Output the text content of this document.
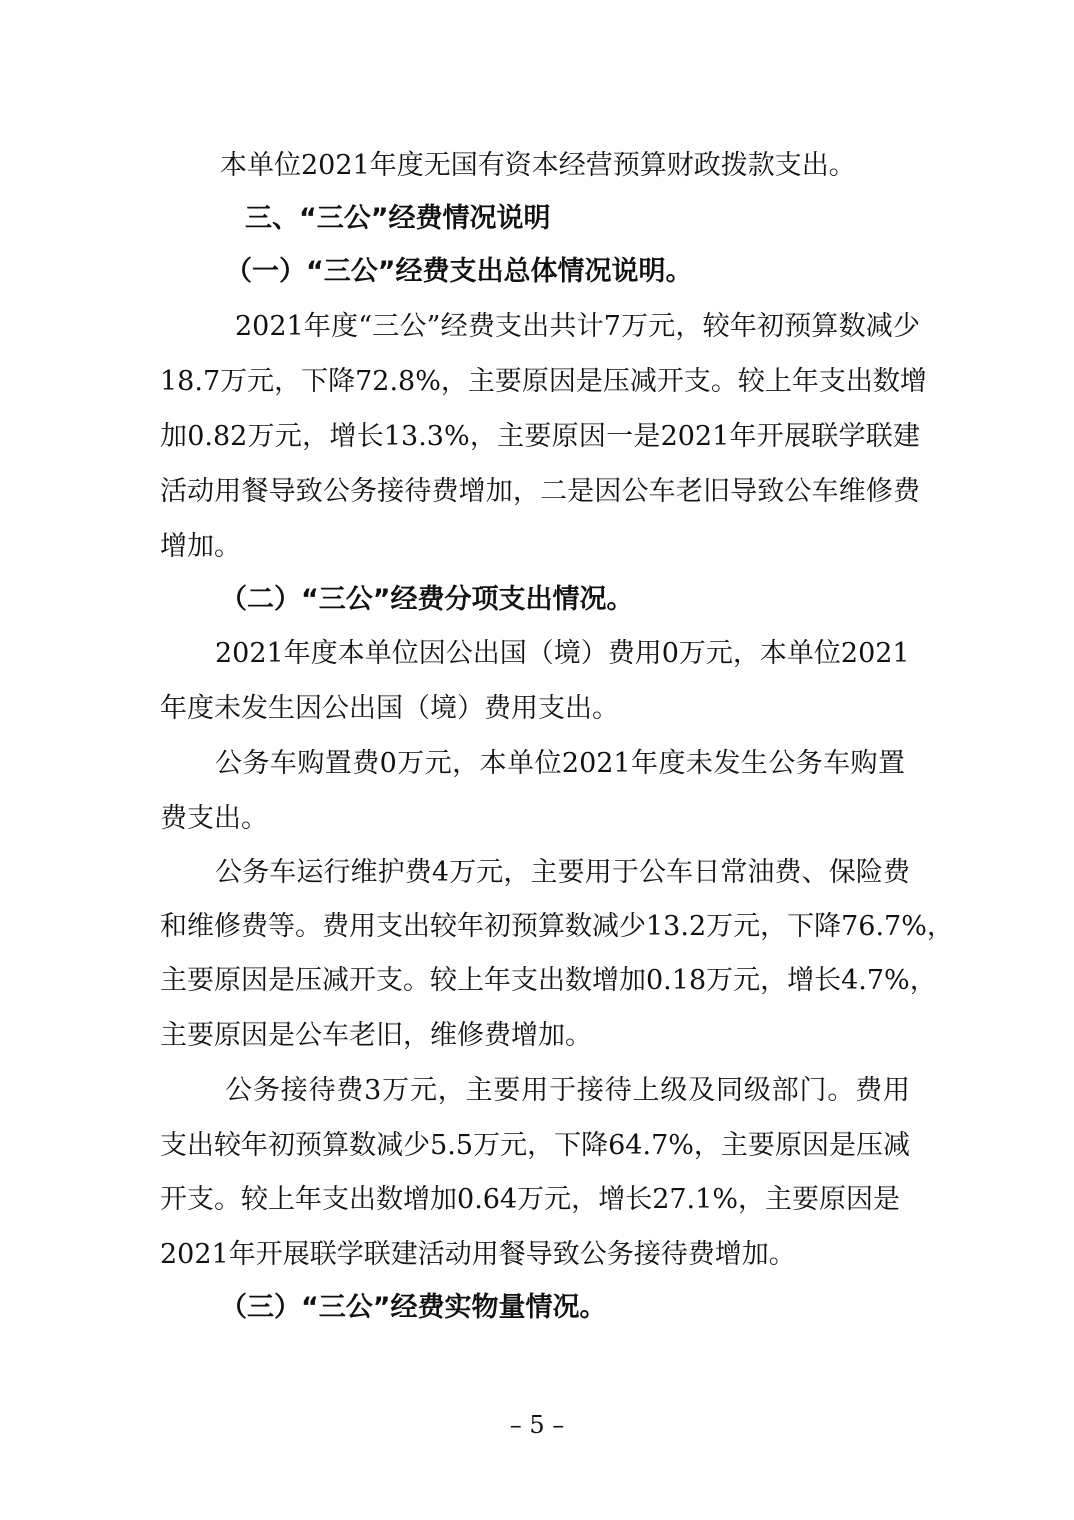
本单位2021年度无国有资本经营预算财政拨款支出。
三、“三公”经费情况说明
（一）“三公”经费支出总体情况说明。
2021年度“三公”经费支出共计7万元，较年初预算数减少
18.7万元，下降72.8%，主要原因是压减开支。较上年支出数增
加0.82万元，增长13.3%，主要原因一是2021年开展联学联建
活动用餐导致公务接待费增加，二是因公车老旧导致公车维修费
增加。
（二）“三公”经费分项支出情况。
2021年度本单位因公出国（境）费用0万元，本单位2021
年度未发生因公出国（境）费用支出。
公务车购置费0万元，本单位2021年度未发生公务车购置
费支出。
公务车运行维护费4万元，主要用于公车日常油费、保险费
和维修费等。费用支出较年初预算数减少13.2万元，下降76.7%，
主要原因是压减开支。较上年支出数增加0.18万元，增长4.7%，
主要原因是公车老旧，维修费增加。
公务接待费3万元，主要用于接待上级及同级部门。费用
支出较年初预算数减少5.5万元，下降64.7%，主要原因是压减
开支。较上年支出数增加0.64万元，增长27.1%，主要原因是
2021年开展联学联建活动用餐导致公务接待费增加。
（三）“三公”经费实物量情况。
– 5 –
